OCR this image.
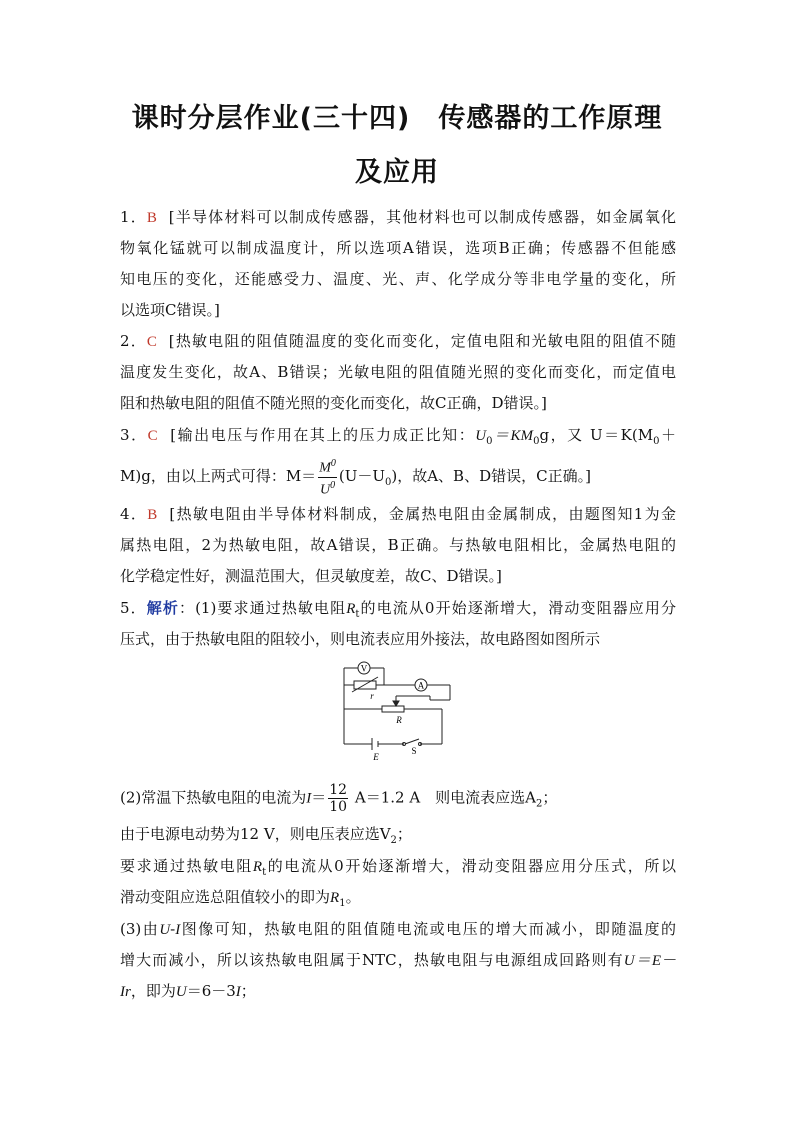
课时分层作业(三十四)　传感器的工作原理
及应用
1．B [半导体材料可以制成传感器，其他材料也可以制成传感器，如金属氧化
物氧化锰就可以制成温度计，所以选项A错误，选项B正确；传感器不但能感
知电压的变化，还能感受力、温度、光、声、化学成分等非电学量的变化，所
以选项C错误。]
2．C [热敏电阻的阻值随温度的变化而变化，定值电阻和光敏电阻的阻值不随
温度发生变化，故A、B错误；光敏电阻的阻值随光照的变化而变化，而定值电
阻和热敏电阻的阻值不随光照的变化而变化，故C正确，D错误。]
3．C [输出电压与作用在其上的压力成正比知：$U_0=KM_0g$，又 $U=K(M_0+$
M)g，由以上两式可得：$M= \frac{M^0}{U^0} (U-U_0)$，故A、B、D错误，C正确。]
4．B [热敏电阻由半导体材料制成，金属热电阻由金属制成，由题图知1为金
属热电阻，2为热敏电阻，故A错误，B正确。与热敏电阻相比，金属热电阻的
化学稳定性好，测温范围大，但灵敏度差，故C、D错误。]
5．解析：(1)要求通过热敏电阻$R_t$的电流从0开始逐渐增大，滑动变阻器应用分
压式，由于热敏电阻的阻较小，则电流表应用外接法，故电路图如图所示
V
A
r
R
E
S
(2)常温下热敏电阻的电流为$I= \frac{12}{10} A=1.2$ A　则电流表应选$A_2$；
由于电源电动势为12 V，则电压表应选$V_2$；
要求通过热敏电阻$R_t$的电流从0开始逐渐增大，滑动变阻器应用分压式，所以
滑动变阻应选总阻值较小的即为$R_1$。
(3)由U-I图像可知，热敏电阻的阻值随电流或电压的增大而减小，即随温度的
增大而减小，所以该热敏电阻属于NTC，热敏电阻与电源组成回路则有U＝E－
Ir，即为U＝6－3I；
